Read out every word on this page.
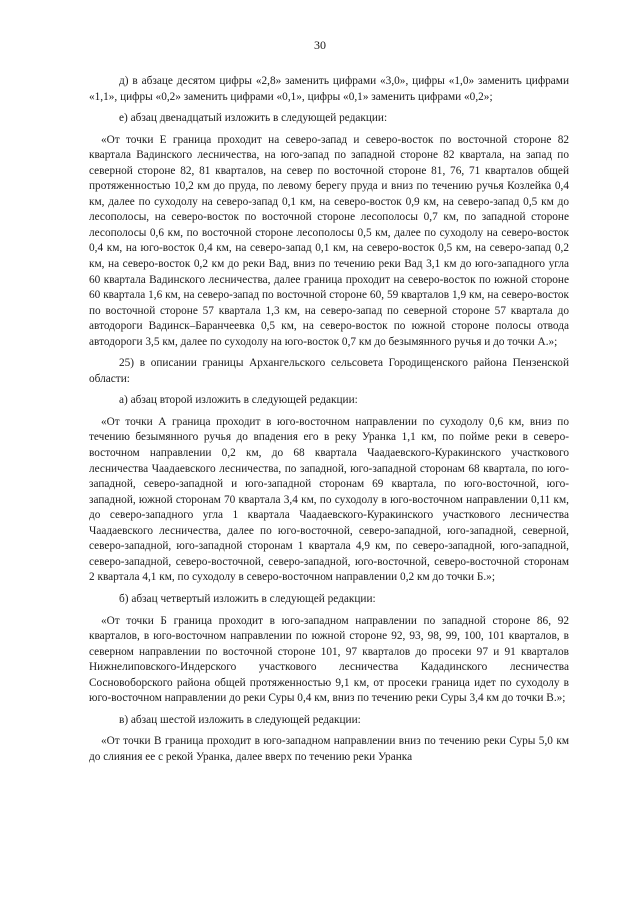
30

д) в абзаце десятом цифры «2,8» заменить цифрами «3,0», цифры «1,0» заменить цифрами «1,1», цифры «0,2» заменить цифрами «0,1», цифры «0,1» заменить цифрами «0,2»;

е) абзац двенадцатый изложить в следующей редакции:

«От точки Е граница проходит на северо-запад и северо-восток по восточной стороне 82 квартала Вадинского лесничества, на юго-запад по западной стороне 82 квартала, на запад по северной стороне 82, 81 кварталов, на север по восточной стороне 81, 76, 71 кварталов общей протяженностью 10,2 км до пруда, по левому берегу пруда и вниз по течению ручья Козлейка 0,4 км, далее по суходолу на северо-запад 0,1 км, на северо-восток 0,9 км, на северо-запад 0,5 км до лесополосы, на северо-восток по восточной стороне лесополосы 0,7 км, по западной стороне лесополосы 0,6 км, по восточной стороне лесополосы 0,5 км, далее по суходолу на северо-восток 0,4 км, на юго-восток 0,4 км, на северо-запад 0,1 км, на северо-восток 0,5 км, на северо-запад 0,2 км, на северо-восток 0,2 км до реки Вад, вниз по течению реки Вад 3,1 км до юго-западного угла 60 квартала Вадинского лесничества, далее граница проходит на северо-восток по южной стороне 60 квартала 1,6 км, на северо-запад по восточной стороне 60, 59 кварталов 1,9 км, на северо-восток по восточной стороне 57 квартала 1,3 км, на северо-запад по северной стороне 57 квартала до автодороги Вадинск–Баранчеевка 0,5 км, на северо-восток по южной стороне полосы отвода автодороги 3,5 км, далее по суходолу на юго-восток 0,7 км до безымянного ручья и до точки А.»;

25) в описании границы Архангельского сельсовета Городищенского района Пензенской области:

а) абзац второй изложить в следующей редакции:

«От точки А граница проходит в юго-восточном направлении по суходолу 0,6 км, вниз по течению безымянного ручья до впадения его в реку Уранка 1,1 км, по пойме реки в северо-восточном направлении 0,2 км, до 68 квартала Чаадаевского-Куракинского участкового лесничества Чаадаевского лесничества, по западной, юго-западной сторонам 68 квартала, по юго-западной, северо-западной и юго-западной сторонам 69 квартала, по юго-восточной, юго-западной, южной сторонам 70 квартала 3,4 км, по суходолу в юго-восточном направлении 0,11 км, до северо-западного угла 1 квартала Чаадаевского-Куракинского участкового лесничества Чаадаевского лесничества, далее по юго-восточной, северо-западной, юго-западной, северной, северо-западной, юго-западной сторонам 1 квартала 4,9 км, по северо-западной, юго-западной, северо-западной, северо-восточной, северо-западной, юго-восточной, северо-восточной сторонам 2 квартала 4,1 км, по суходолу в северо-восточном направлении 0,2 км до точки Б.»;

б) абзац четвертый изложить в следующей редакции:

«От точки Б граница проходит в юго-западном направлении по западной стороне 86, 92 кварталов, в юго-восточном направлении по южной стороне 92, 93, 98, 99, 100, 101 кварталов, в северном направлении по восточной стороне 101, 97 кварталов до просеки 97 и 91 кварталов Нижнелиповского-Индерского участкового лесничества Кададинского лесничества Сосновоборского района общей протяженностью 9,1 км, от просеки граница идет по суходолу в юго-восточном направлении до реки Суры 0,4 км, вниз по течению реки Суры 3,4 км до точки В.»;

в) абзац шестой изложить в следующей редакции:

«От точки В граница проходит в юго-западном направлении вниз по течению реки Суры 5,0 км до слияния ее с рекой Уранка, далее вверх по течению реки Уранка
